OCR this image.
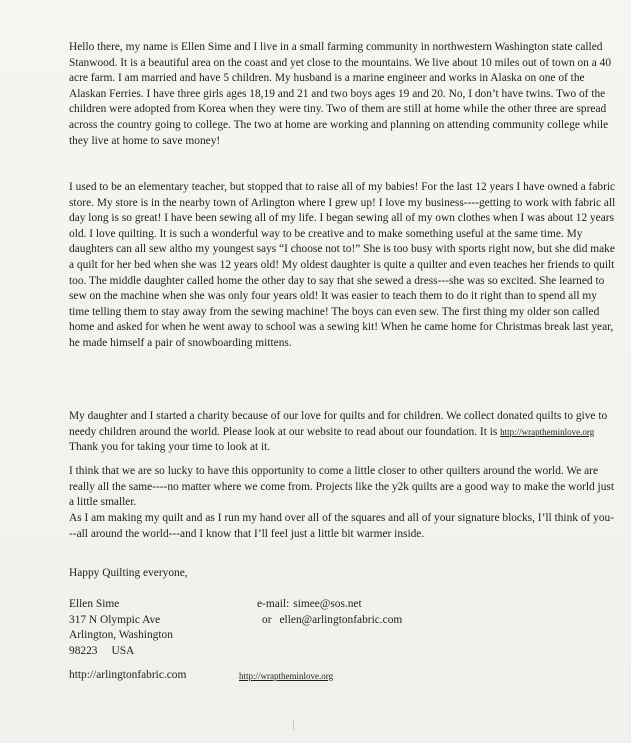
Hello there, my name is Ellen Sime and I live in a small farming community in northwestern Washington state called Stanwood. It is a beautiful area on the coast and yet close to the mountains. We live about 10 miles out of town on a 40 acre farm. I am married and have 5 children. My husband is a marine engineer and works in Alaska on one of the Alaskan Ferries. I have three girls ages 18,19 and 21 and two boys ages 19 and 20. No, I don’t have twins. Two of the children were adopted from Korea when they were tiny. Two of them are still at home while the other three are spread across the country going to college. The two at home are working and planning on attending community college while they live at home to save money!

I used to be an elementary teacher, but stopped that to raise all of my babies! For the last 12 years I have owned a fabric store. My store is in the nearby town of Arlington where I grew up! I love my business----getting to work with fabric all day long is so great! I have been sewing all of my life. I began sewing all of my own clothes when I was about 12 years old. I love quilting. It is such a wonderful way to be creative and to make something useful at the same time. My daughters can all sew altho my youngest says “I choose not to!” She is too busy with sports right now, but she did make a quilt for her bed when she was 12 years old! My oldest daughter is quite a quilter and even teaches her friends to quilt too. The middle daughter called home the other day to say that she sewed a dress---she was so excited. She learned to sew on the machine when she was only four years old! It was easier to teach them to do it right than to spend all my time telling them to stay away from the sewing machine! The boys can even sew. The first thing my older son called home and asked for when he went away to school was a sewing kit! When he came home for Christmas break last year, he made himself a pair of snowboarding mittens.

My daughter and I started a charity because of our love for quilts and for children. We collect donated quilts to give to needy children around the world. Please look at our website to read about our foundation. It is http://wraptheminlove.org Thank you for taking your time to look at it.

I think that we are so lucky to have this opportunity to come a little closer to other quilters around the world. We are really all the same----no matter where we come from. Projects like the y2k quilts are a good way to make the world just a little smaller.

As I am making my quilt and as I run my hand over all of the squares and all of your signature blocks, I’ll think of you---all around the world---and I know that I’ll feel just a little bit warmer inside.

Happy Quilting everyone,
Ellen Sime
317 N Olympic Ave
Arlington, Washington
98223 USA
e-mail: simee@sos.net
or ellen@arlingtonfabric.com
http://arlingtonfabric.com	http://wraptheminlove.org
